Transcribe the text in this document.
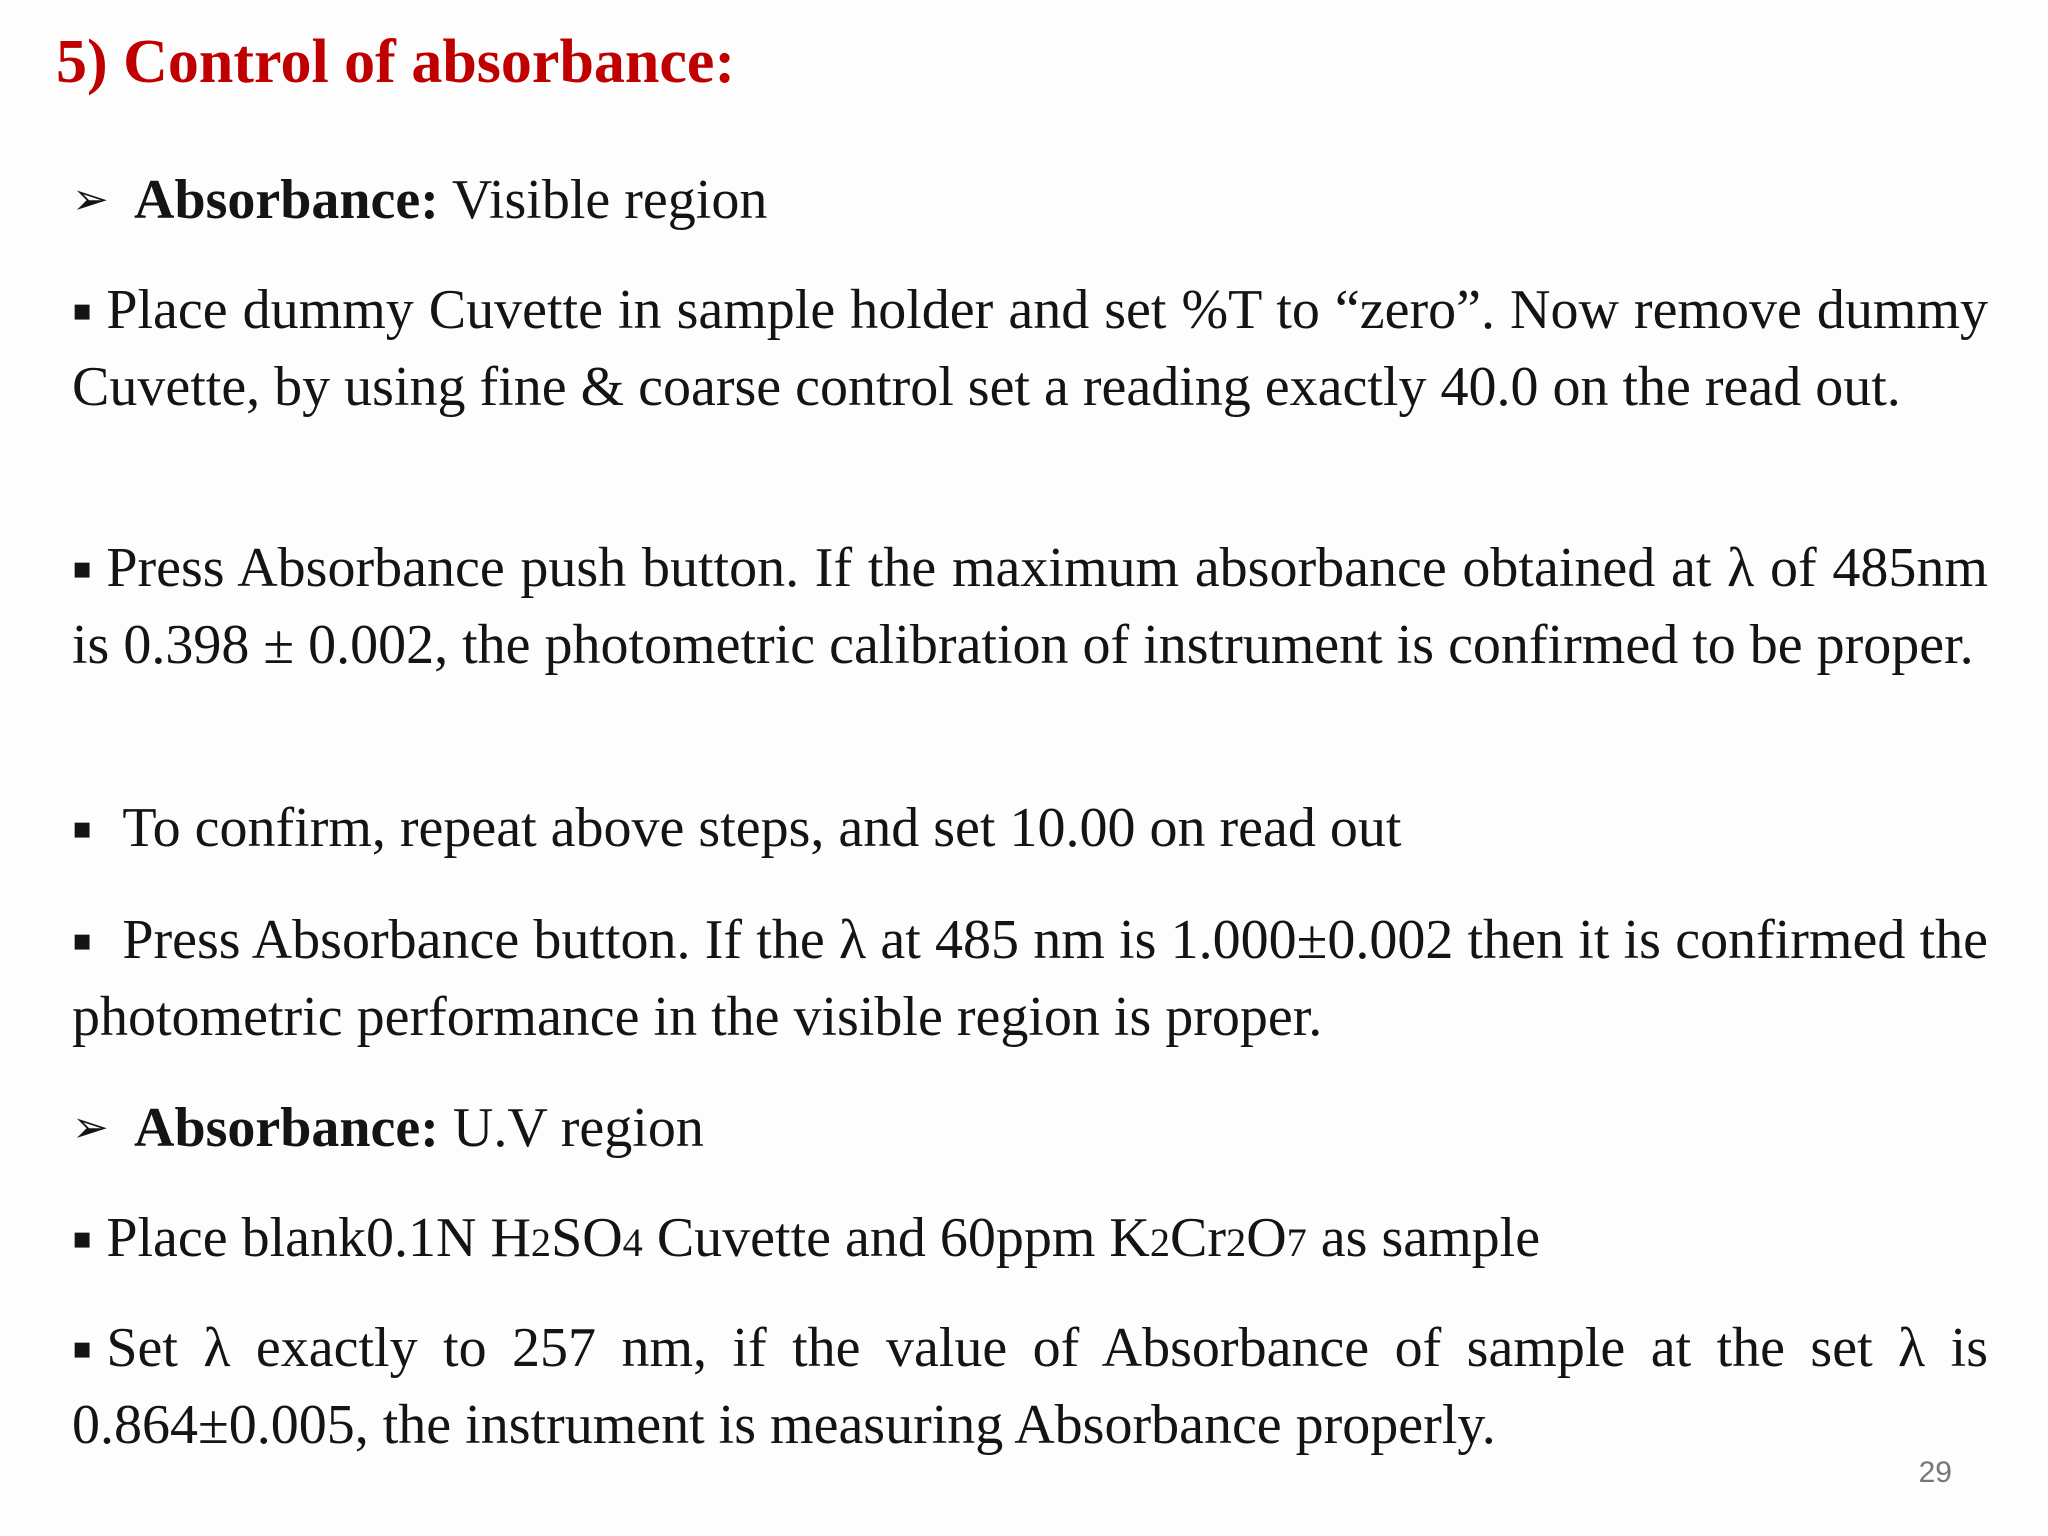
5) Control of absorbance:

➢ Absorbance: Visible region

▪ Place dummy Cuvette in sample holder and set %T to “zero”. Now remove dummy Cuvette, by using fine & coarse control set a reading exactly 40.0 on the read out.

▪ Press Absorbance push button. If the maximum absorbance obtained at λ of 485nm is 0.398 ± 0.002, the photometric calibration of instrument is confirmed to be proper.

▪ To confirm, repeat above steps, and set 10.00 on read out

▪ Press Absorbance button. If the λ at 485 nm is 1.000±0.002 then it is confirmed the photometric performance in the visible region is proper.

➢ Absorbance: U.V region

▪ Place blank0.1N H2SO4 Cuvette and 60ppm K2Cr2O7 as sample

▪ Set λ exactly to 257 nm, if the value of Absorbance of sample at the set λ is 0.864±0.005, the instrument is measuring Absorbance properly.

29
